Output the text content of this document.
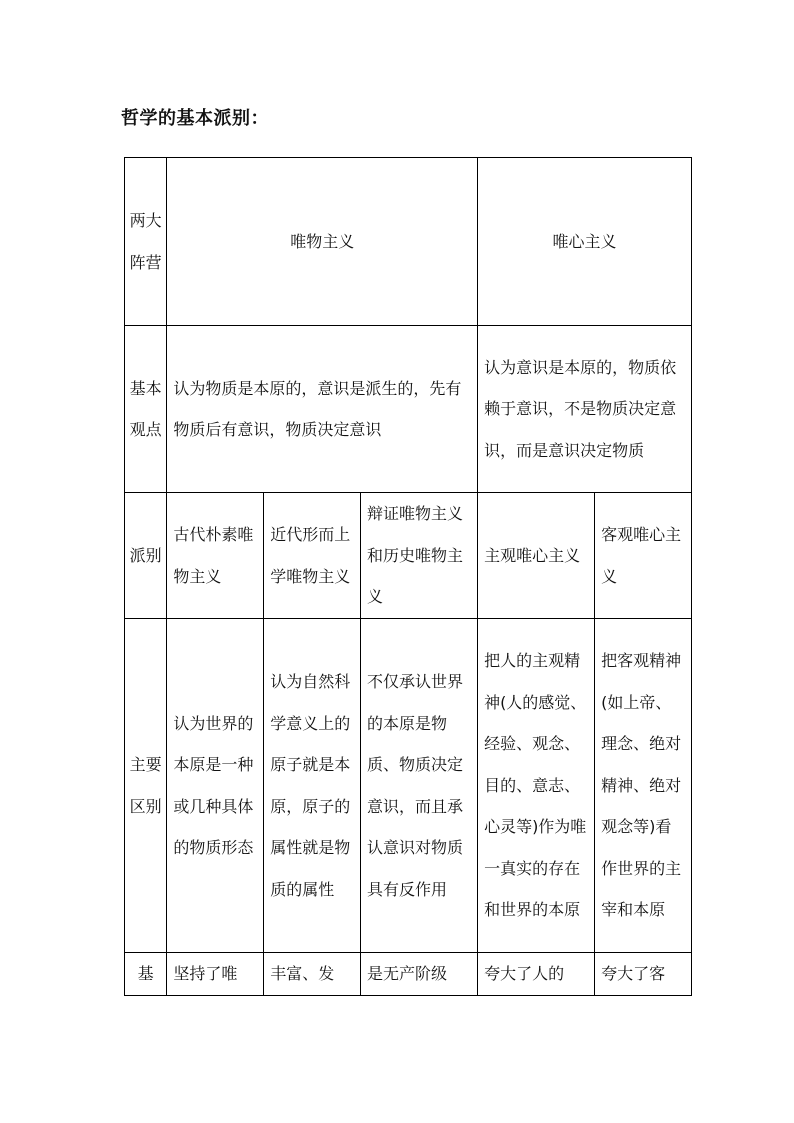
哲学的基本派别：
两大阵营	唯物主义			唯心主义	
基本观点	认为物质是本原的，意识是派生的，先有物质后有意识，物质决定意识			认为意识是本原的，物质依赖于意识，不是物质决定意识，而是意识决定物质	
派别	古代朴素唯物主义	近代形而上学唯物主义	辩证唯物主义和历史唯物主义	主观唯心主义	客观唯心主义
主要区别	认为世界的本原是一种或几种具体的物质形态	认为自然科学意义上的原子就是本原，原子的属性就是物质的属性	不仅承认世界的本原是物质、物质决定意识，而且承认意识对物质具有反作用	把人的主观精神(人的感觉、经验、观念、目的、意志、心灵等)作为唯一真实的存在和世界的本原	把客观精神(如上帝、理念、绝对精神、绝对观念等)看作世界的主宰和本原
基	坚持了唯	丰富、发	是无产阶级	夸大了人的	夸大了客
